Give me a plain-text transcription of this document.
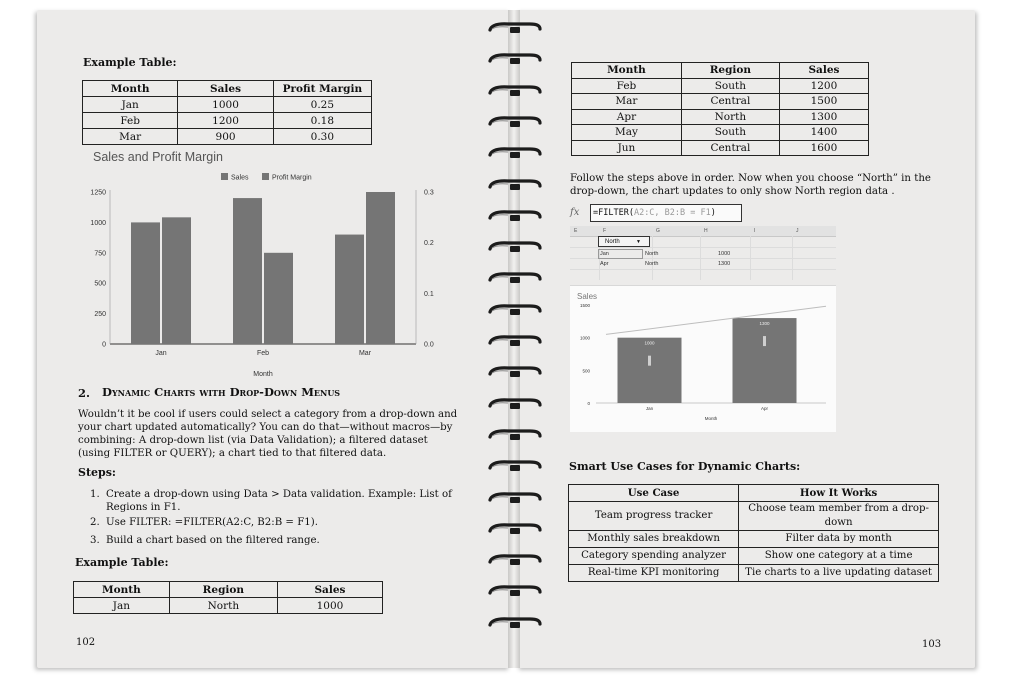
Example Table:
Month	Sales	Profit Margin
Jan	1000	0.25
Feb	1200	0.18
Mar	900	0.30
Sales and Profit Margin
Sales	Profit Margin
0
250
500
750
1000
1250
0.0
0.1
0.2
0.3
Jan	Feb	Mar
Month
2. Dynamic Charts with Drop-Down Menus
Wouldn’t it be cool if users could select a category from a drop-down and your chart updated automatically? You can do that—without macros—by combining: A drop-down list (via Data Validation); a filtered dataset (using FILTER or QUERY); a chart tied to that filtered data.
Steps:
1. Create a drop-down using Data > Data validation. Example: List of Regions in F1.
2. Use FILTER: =FILTER(A2:C, B2:B = F1).
3. Build a chart based on the filtered range.
Example Table:
Month	Region	Sales
Jan	North	1000
102
Month	Region	Sales
Feb	South	1200
Mar	Central	1500
Apr	North	1300
May	South	1400
Jun	Central	1600
Follow the steps above in order. Now when you choose “North” in the drop-down, the chart updates to only show North region data .
fx	=FILTER(A2:C, B2:B = F1)
E	F	G	H	I	J
North	▼
Jan	North	1000
Apr	North	1300
Sales
0
500
1000
1500
1000
Jan
1300
Apr
Month
Smart Use Cases for Dynamic Charts:
Use Case	How It Works
Team progress tracker	Choose team member from a drop-down
Monthly sales breakdown	Filter data by month
Category spending analyzer	Show one category at a time
Real-time KPI monitoring	Tie charts to a live updating dataset
103
